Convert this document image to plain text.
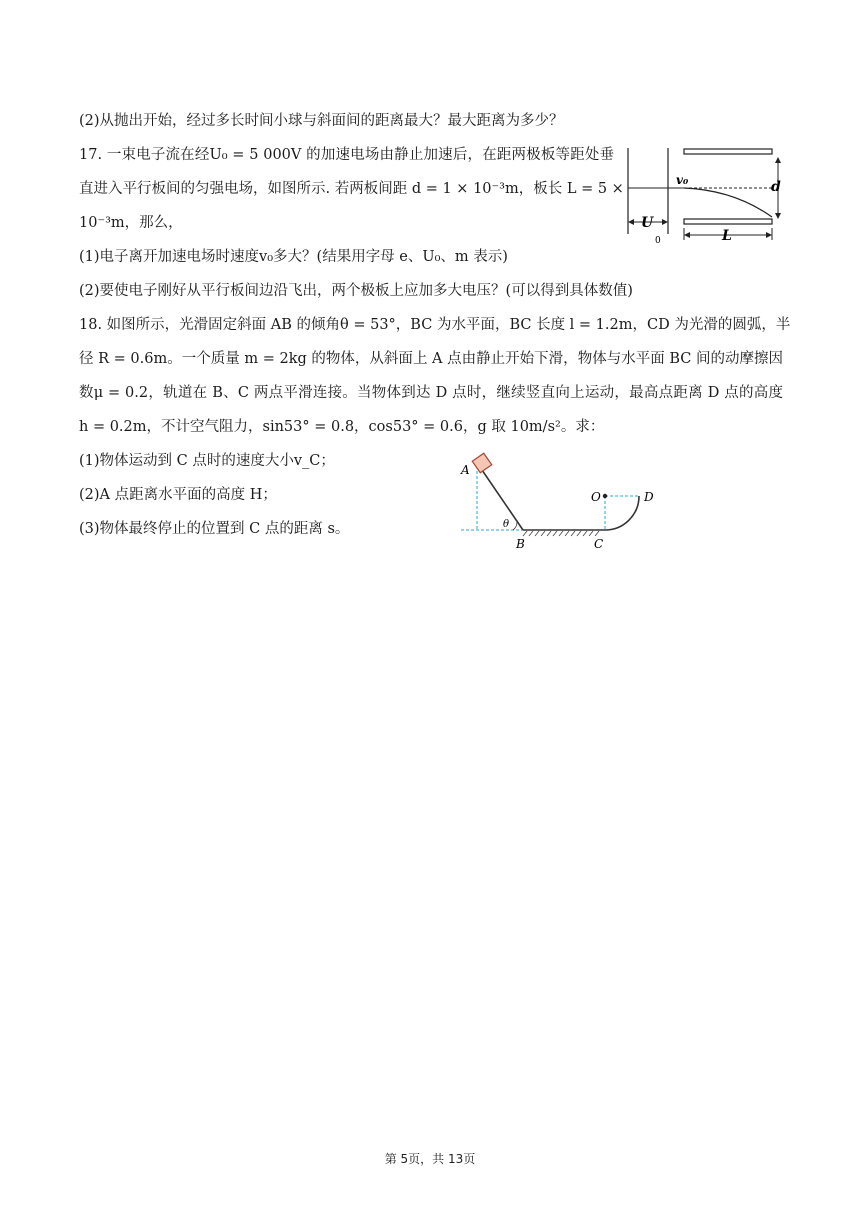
(2)从抛出开始，经过多长时间小球与斜面间的距离最大？最大距离为多少？
17. 一束电子流在经U₀ = 5 000V 的加速电场由静止加速后，在距两极板等距处垂
直进入平行板间的匀强电场，如图所示. 若两板间距 d = 1 × 10⁻³m，板长 L = 5 ×
10⁻³m，那么，
(1)电子离开加速电场时速度v₀多大？(结果用字母 e、U₀、m 表示)
(2)要使电子刚好从平行板间边沿飞出，两个极板上应加多大电压？(可以得到具体数值)
18. 如图所示，光滑固定斜面 AB 的倾角θ = 53°，BC 为水平面，BC 长度 l = 1.2m，CD 为光滑的圆弧，半
径 R = 0.6m。一个质量 m = 2kg 的物体，从斜面上 A 点由静止开始下滑，物体与水平面 BC 间的动摩擦因
数μ = 0.2，轨道在 B、C 两点平滑连接。当物体到达 D 点时，继续竖直向上运动，最高点距离 D 点的高度
h = 0.2m，不计空气阻力，sin53° = 0.8，cos53° = 0.6，g 取 10m/s²。求：
(1)物体运动到 C 点时的速度大小v_C；
(2)A 点距离水平面的高度 H；
(3)物体最终停止的位置到 C 点的距离 s。
v₀	d
U
0	L
A
B	C
D
O
θ
第 5页，共 13页
